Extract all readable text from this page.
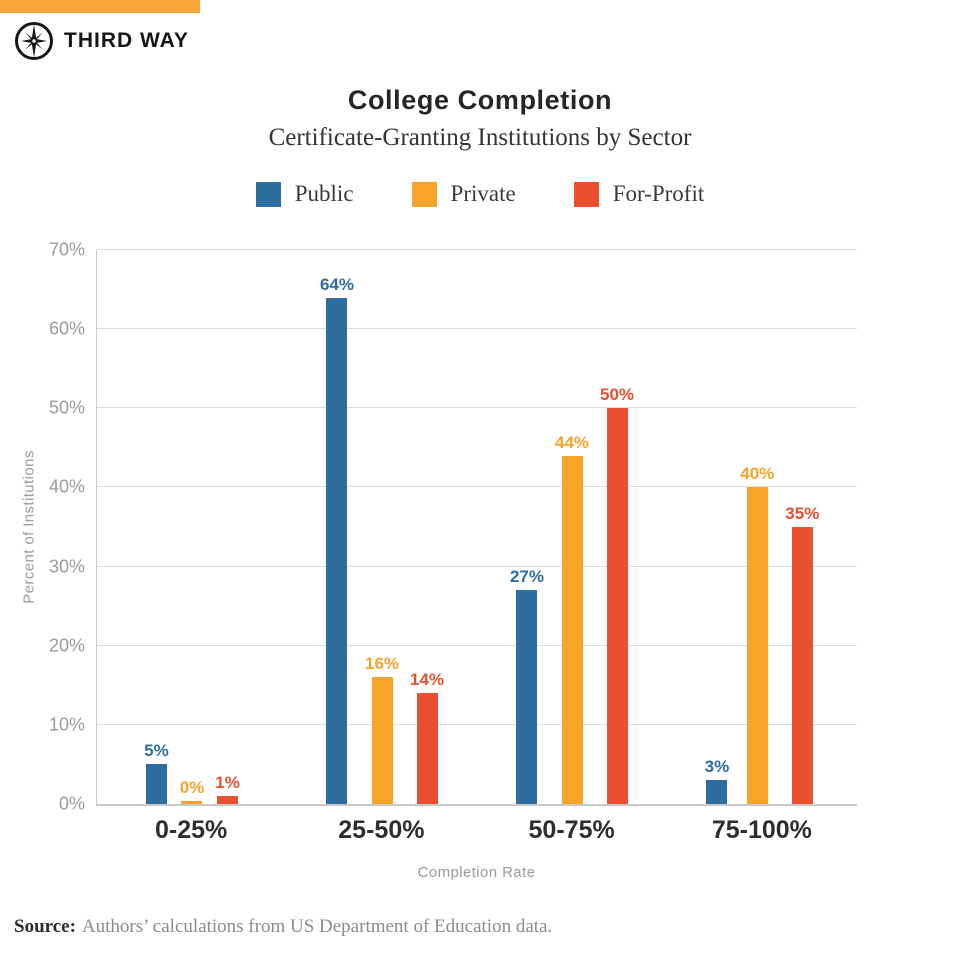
THIRD WAY
College Completion
Certificate-Granting Institutions by Sector
Public	Private	For-Profit
Percent of Institutions
0%
10%
20%
30%
40%
50%
60%
70%
5%
0% 1%
64%
16%
14%
27%
44%
50%
3%
40%
35%
0-25%	25-50%	50-75%	75-100%
Completion Rate
Source: Authors’ calculations from US Department of Education data.
